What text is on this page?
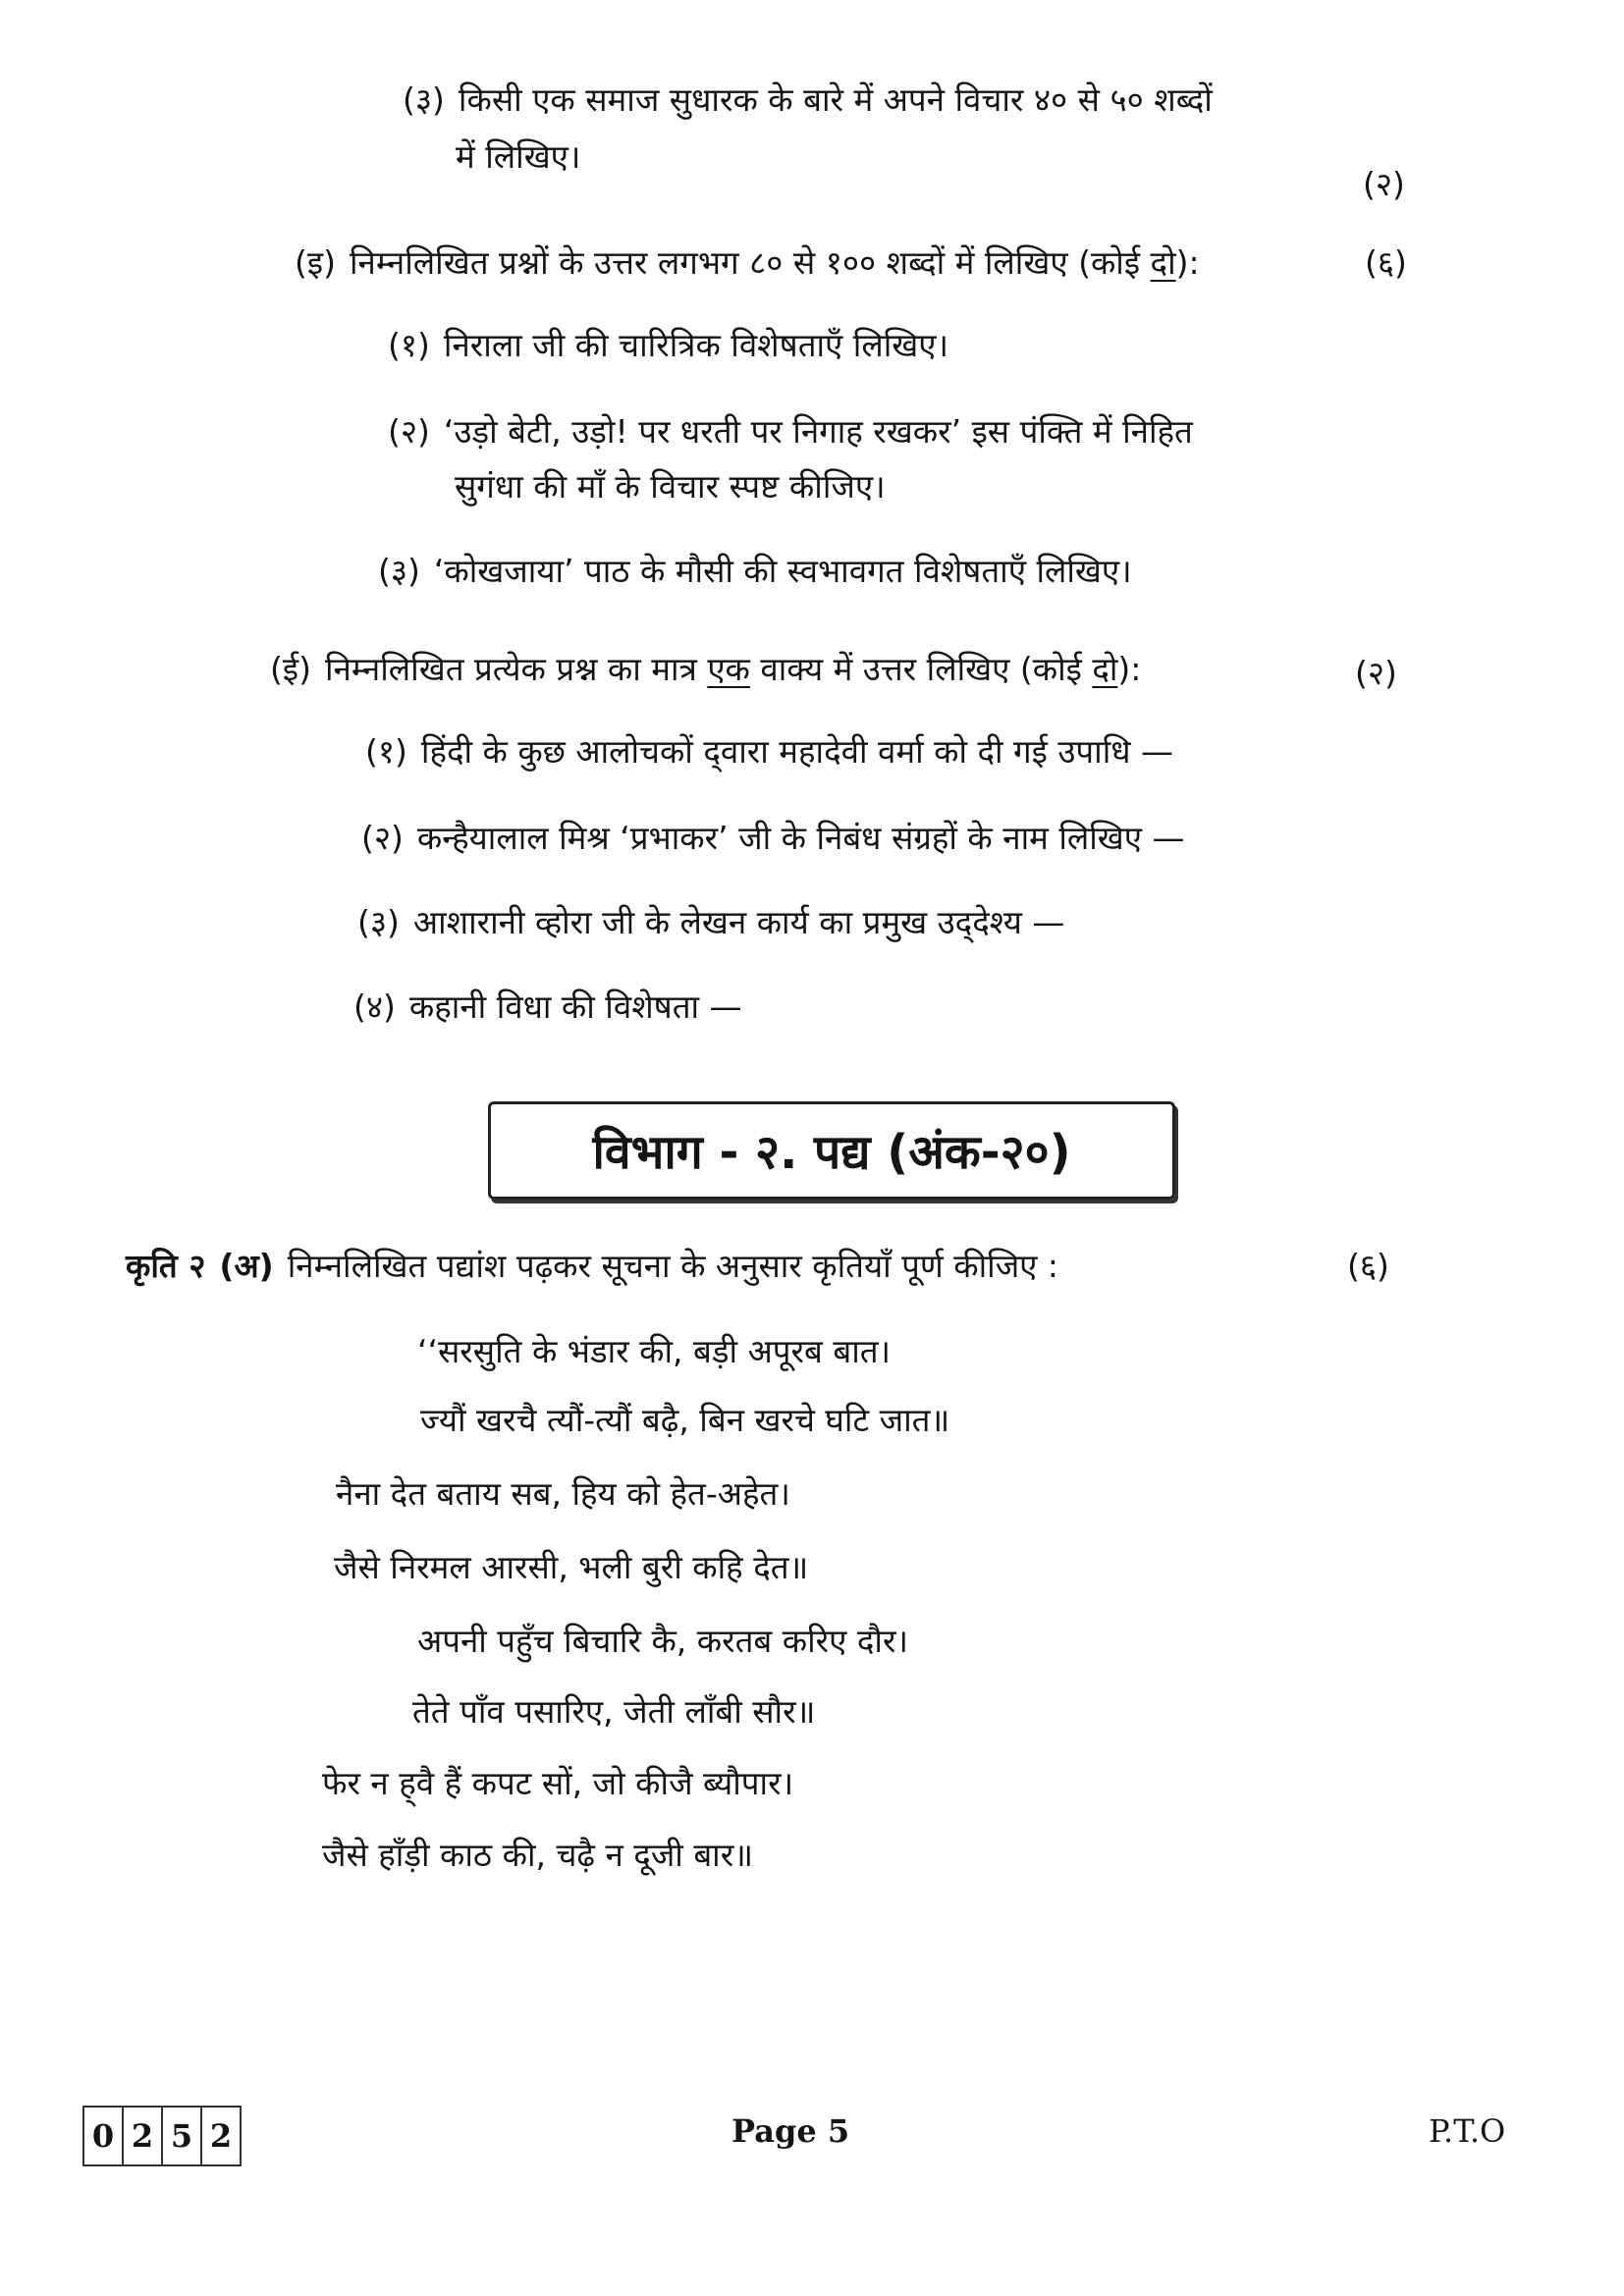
(३) किसी एक समाज सुधारक के बारे में अपने विचार ४० से ५० शब्दों
में लिखिए।
(२)
(इ) निम्नलिखित प्रश्नों के उत्तर लगभग ८० से १०० शब्दों में लिखिए (कोई दो):	(६)
(१) निराला जी की चारित्रिक विशेषताएँ लिखिए।
(२) ‘उड़ो बेटी, उड़ो! पर धरती पर निगाह रखकर’ इस पंक्ति में निहित
सुगंधा की माँ के विचार स्पष्ट कीजिए।
(३) ‘कोखजाया’ पाठ के मौसी की स्वभावगत विशेषताएँ लिखिए।
(ई) निम्नलिखित प्रत्येक प्रश्न का मात्र एक वाक्य में उत्तर लिखिए (कोई दो):	(२)
(१) हिंदी के कुछ आलोचकों द्‌वारा महादेवी वर्मा को दी गई उपाधि —
(२) कन्हैयालाल मिश्र ‘प्रभाकर’ जी के निबंध संग्रहों के नाम लिखिए —
(३) आशारानी व्होरा जी के लेखन कार्य का प्रमुख उद्‌देश्य —
(४) कहानी विधा की विशेषता —
विभाग - २. पद्य (अंक-२०)
कृति २ (अ) निम्नलिखित पद्यांश पढ़कर सूचना के अनुसार कृतियाँ पूर्ण कीजिए :	(६)
‘‘सरसुति के भंडार की, बड़ी अपूरब बात।
ज्यौं खरचै त्यौं-त्यौं बढ़ै, बिन खरचे घटि जात॥
नैना देत बताय सब, हिय को हेत-अहेत।
जैसे निरमल आरसी, भली बुरी कहि देत॥
अपनी पहुँच बिचारि कै, करतब करिए दौर।
तेते पाँव पसारिए, जेती लाँबी सौर॥
फेर न ह्‌वै हैं कपट सों, जो कीजै ब्यौपार।
जैसे हाँड़ी काठ की, चढ़ै न दूजी बार॥
0 2 5 2	Page 5	P.T.O
